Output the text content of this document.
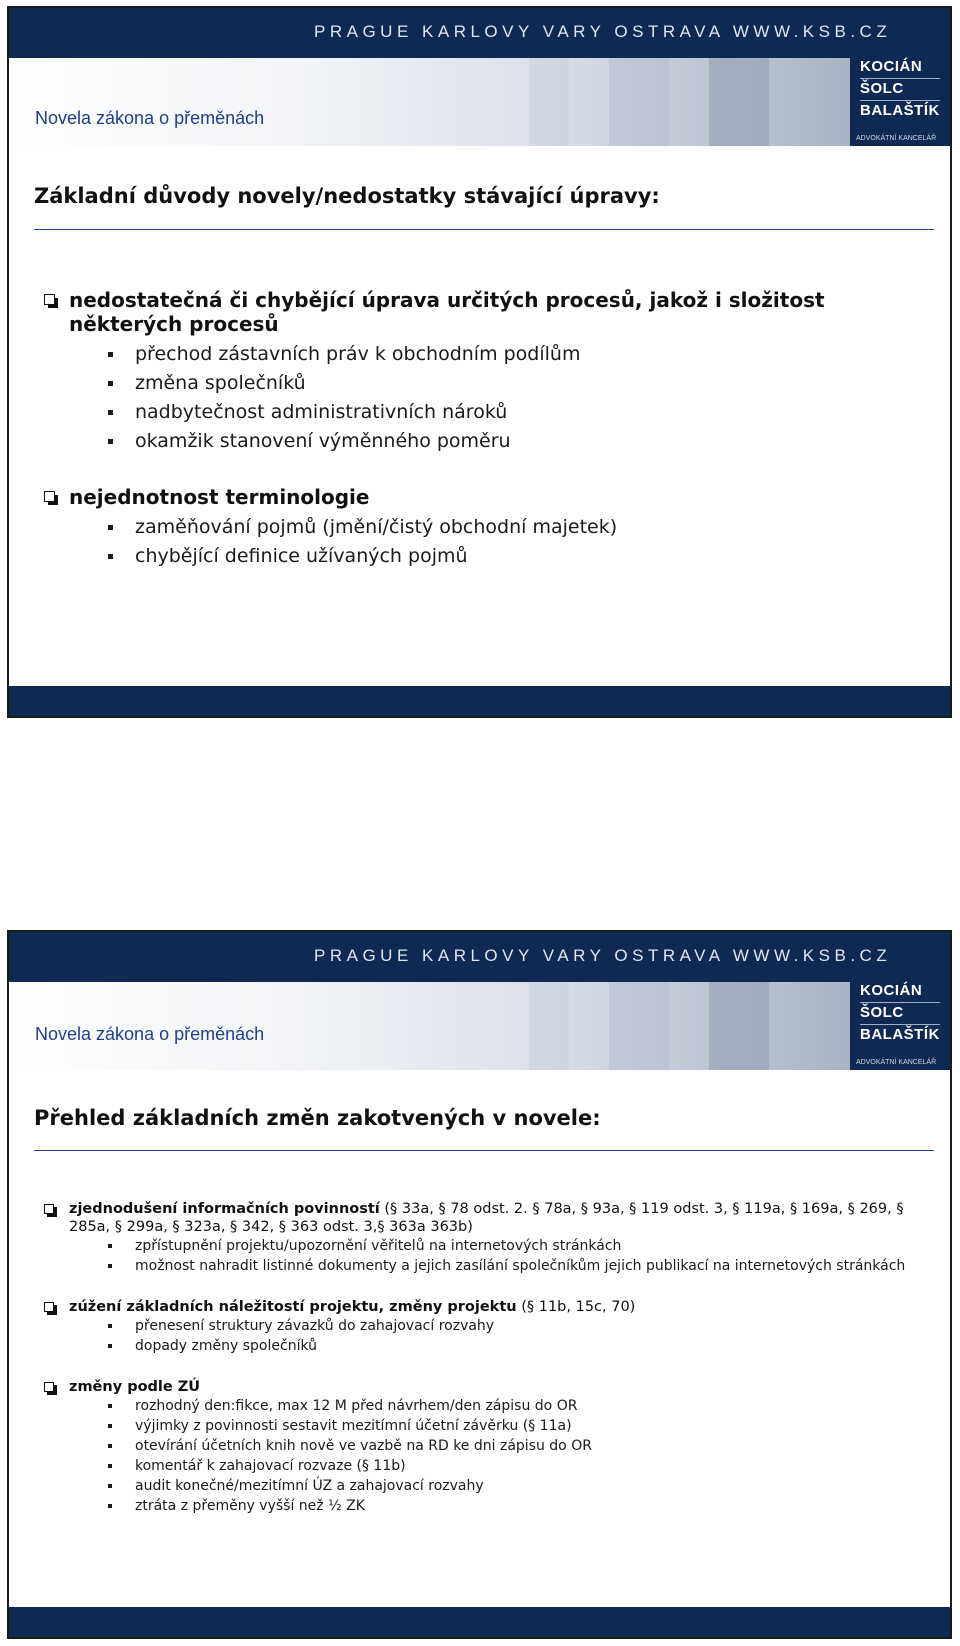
PRAGUE KARLOVY VARY OSTRAVA WWW.KSB.CZ
KOCIÁN
ŠOLC
BALAŠTÍK
ADVOKÁTNÍ KANCELÁŘ
Novela zákona o přeměnách
Základní důvody novely/nedostatky stávající úpravy:
nedostatečná či chybějící úprava určitých procesů, jakož i složitost některých procesů
přechod zástavních práv k obchodním podílům
změna společníků
nadbytečnost administrativních nároků
okamžik stanovení výměnného poměru
nejednotnost terminologie
zaměňování pojmů (jmění/čistý obchodní majetek)
chybějící definice užívaných pojmů
PRAGUE KARLOVY VARY OSTRAVA WWW.KSB.CZ
KOCIÁN
ŠOLC
BALAŠTÍK
ADVOKÁTNÍ KANCELÁŘ
Novela zákona o přeměnách
Přehled základních změn zakotvených v novele:
zjednodušení informačních povinností (§ 33a, § 78 odst. 2. § 78a, § 93a, § 119 odst. 3, § 119a, § 169a, § 269, § 285a, § 299a, § 323a, § 342, § 363 odst. 3,§ 363a 363b)
zpřístupnění projektu/upozornění věřitelů na internetových stránkách
možnost nahradit listinné dokumenty a jejich zasílání společníkům jejich publikací na internetových stránkách
zúžení základních náležitostí projektu, změny projektu (§ 11b, 15c, 70)
přenesení struktury závazků do zahajovací rozvahy
dopady změny společníků
změny podle ZÚ
rozhodný den:fikce, max 12 M před návrhem/den zápisu do OR
výjimky z povinnosti sestavit mezitímní účetní závěrku (§ 11a)
otevírání účetních knih nově ve vazbě na RD ke dni zápisu do OR
komentář k zahajovací rozvaze (§ 11b)
audit konečné/mezitímní ÚZ a zahajovací rozvahy
ztráta z přeměny vyšší než ½ ZK
